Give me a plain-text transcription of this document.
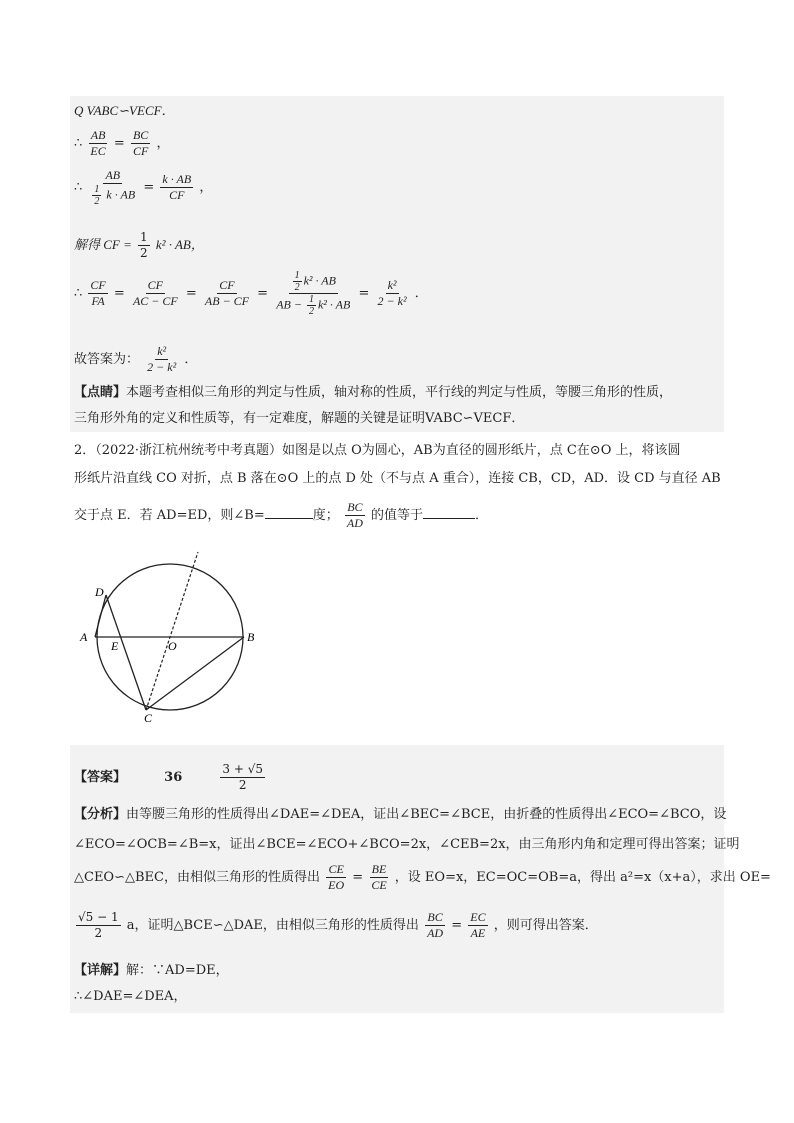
Q VABC∽VECF．
∴ $\frac{AB}{EC} = \frac{BC}{CF}$ ，
∴ $\frac{AB}{\frac{1}{2} k \cdot AB} = \frac{k \cdot AB}{CF}$ ，
解得 CF = $\frac{1}{2} k^2$ · AB，
∴ $\frac{CF}{FA} = \frac{CF}{AC - CF} = \frac{CF}{AB - CF} = \frac{\frac{1}{2} k^2 \cdot AB}{AB - \frac{1}{2} k^2 \cdot AB} = \frac{\text{k²}}{\text{2 − k²}}$ ．
故答案为： $\frac{\text{k²}}{\text{2 − k²}}$ ．
【点睛】本题考查相似三角形的判定与性质，轴对称的性质，平行线的判定与性质，等腰三角形的性质，
三角形外角的定义和性质等，有一定难度，解题的关键是证明VABC∽VECF．
2．（2022·浙江杭州统考中考真题）如图是以点 O为圆心，AB为直径的圆形纸片，点 C在⊙O 上，将该圆
形纸片沿直线 CO 对折，点 B 落在⊙O 上的点 D 处（不与点 A 重合），连接 CB，CD，AD．设 CD 与直径 AB
交于点 E．若 AD=ED，则∠B=	度； $\frac{BC}{AD}$ 的值等于	．
D
A
E	O
B
C
【答案】	36	$\frac{3 + √5}{2}$
【分析】由等腰三角形的性质得出∠DAE=∠DEA，证出∠BEC=∠BCE，由折叠的性质得出∠ECO=∠BCO，设
∠ECO=∠OCB=∠B=x，证出∠BCE=∠ECO+∠BCO=2x，∠CEB=2x，由三角形内角和定理可得出答案；证明
△CEO∽△BEC，由相似三角形的性质得出 $\frac{CE}{EO} = \frac{BE}{CE}$ ，设 EO=x，EC=OC=OB=a，得出 a²=x（x+a），求出 OE=
$\frac{√5 - 1}{2}$ a，证明△BCE∽△DAE，由相似三角形的性质得出 $\frac{BC}{AD} = \frac{EC}{AE}$ ，则可得出答案．
【详解】解：∵AD=DE，
∴∠DAE=∠DEA，
